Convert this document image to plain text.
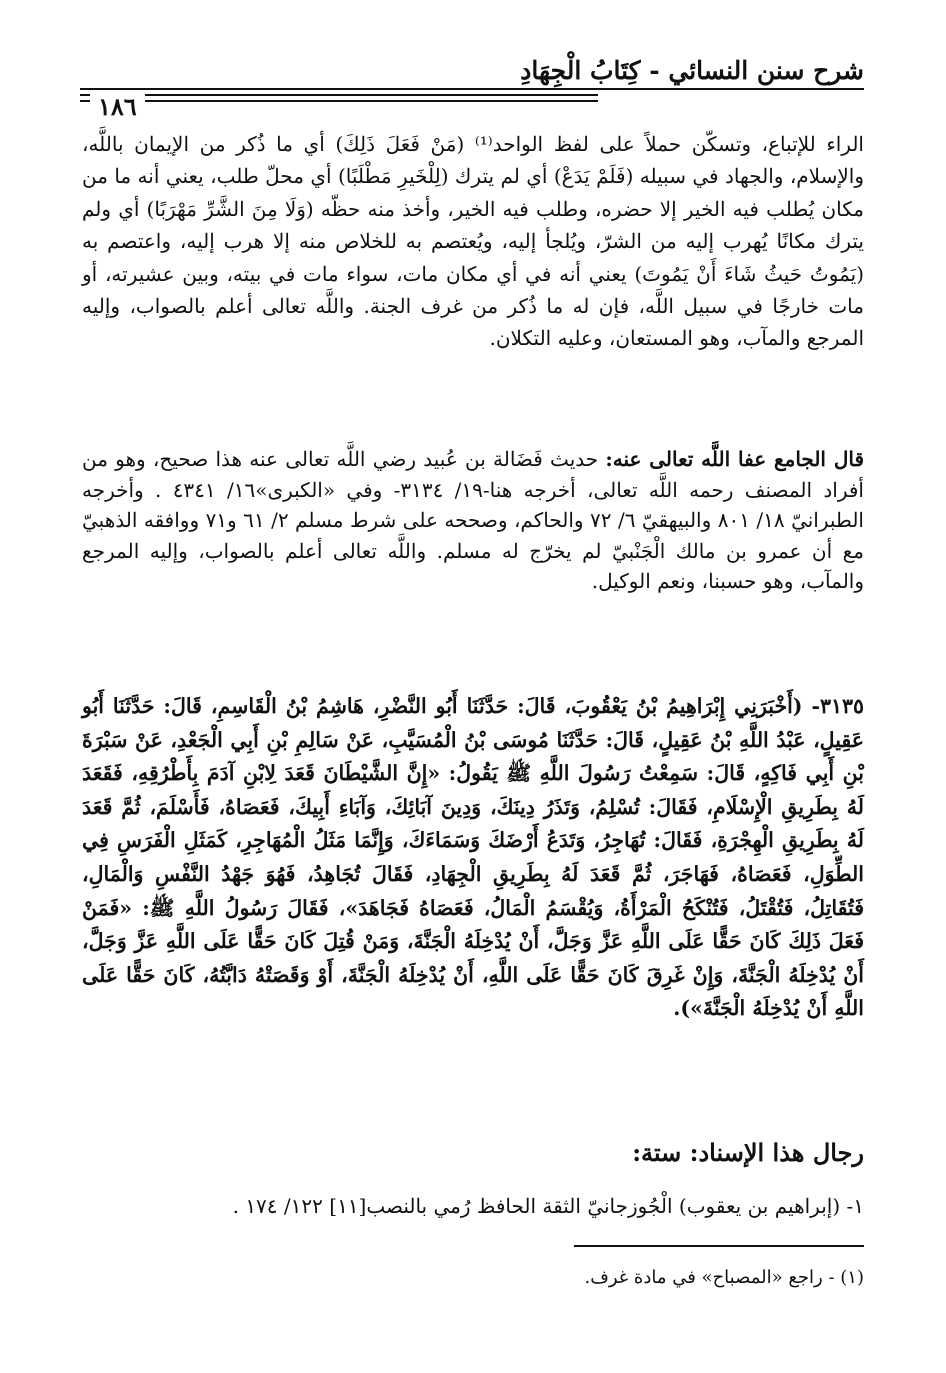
شرح سنن النسائي - كِتَابُ الْجِهَادِ
١٨٦
الراء للإتباع، وتسكّن حملاً على لفظ الواحد⁽¹⁾ (مَنْ فَعَلَ ذَلِكَ) أي ما ذُكر من الإيمان باللَّه، والإسلام، والجهاد في سبيله (فَلَمْ يَدَعْ) أي لم يترك (لِلْخَيرِ مَطْلَبًا) أي محلّ طلب، يعني أنه ما من مكان يُطلب فيه الخير إلا حضره، وطلب فيه الخير، وأخذ منه حظّه (وَلَا مِنَ الشَّرِّ مَهْرَبًا) أي ولم يترك مكانًا يُهرب إليه من الشرّ، ويُلجأ إليه، ويُعتصم به للخلاص منه إلا هرب إليه، واعتصم به (يَمُوتُ حَيثُ شَاءَ أَنْ يَمُوتَ) يعني أنه في أي مكان مات، سواء مات في بيته، وبين عشيرته، أو مات خارجًا في سبيل اللَّه، فإن له ما ذُكر من غرف الجنة. واللَّه تعالى أعلم بالصواب، وإليه المرجع والمآب، وهو المستعان، وعليه التكلان.
قال الجامع عفا اللَّه تعالى عنه: حديث فَضَالة بن عُبيد رضي اللَّه تعالى عنه هذا صحيح، وهو من أفراد المصنف رحمه اللَّه تعالى، أخرجه هنا-١٩/ ٣١٣٤- وفي «الكبرى»١٦/ ٤٣٤١ . وأخرجه الطبرانيّ ١٨/ ٨٠١ والبيهقيّ ٦/ ٧٢ والحاكم، وصححه على شرط مسلم ٢/ ٦١ و٧١ ووافقه الذهبيّ مع أن عمرو بن مالك الْجَنْبيّ لم يخرّج له مسلم. واللَّه تعالى أعلم بالصواب، وإليه المرجع والمآب، وهو حسبنا، ونعم الوكيل.
٣١٣٥- (أَخْبَرَنِي إِبْرَاهِيمُ بْنُ يَعْقُوبَ، قَالَ: حَدَّثَنَا أَبُو النَّضْرِ، هَاشِمُ بْنُ الْقَاسِمِ، قَالَ: حَدَّثَنَا أَبُو عَقِيلٍ، عَبْدُ اللَّهِ بْنُ عَقِيلٍ، قَالَ: حَدَّثَنَا مُوسَى بْنُ الْمُسَيَّبِ، عَنْ سَالِمِ بْنِ أَبِي الْجَعْدِ، عَنْ سَبْرَةَ بْنِ أَبِي فَاكِهٍ، قَالَ: سَمِعْتُ رَسُولَ اللَّهِ ﷺ يَقُولُ: «إِنَّ الشَّيْطَانَ قَعَدَ لِابْنِ آدَمَ بِأَطْرُقِهِ، فَقَعَدَ لَهُ بِطَرِيقِ الْإِسْلَامِ، فَقَالَ: تُسْلِمُ، وَتَذَرُ دِينَكَ، وَدِينَ آبَائِكَ، وَآبَاءِ أَبِيكَ، فَعَصَاهُ، فَأَسْلَمَ، ثُمَّ قَعَدَ لَهُ بِطَرِيقِ الْهِجْرَةِ، فَقَالَ: تُهَاجِرُ، وَتَدَعُ أَرْضَكَ وَسَمَاءَكَ، وَإِنَّمَا مَثَلُ الْمُهَاجِرِ، كَمَثَلِ الْفَرَسِ فِي الطِّوَلِ، فَعَصَاهُ، فَهَاجَرَ، ثُمَّ قَعَدَ لَهُ بِطَرِيقِ الْجِهَادِ، فَقَالَ تُجَاهِدُ، فَهُوَ جَهْدُ النَّفْسِ وَالْمَالِ، فَتُقَاتِلُ، فَتُقْتَلُ، فَتُنْكَحُ الْمَرْأَةُ، وَيُقْسَمُ الْمَالُ، فَعَصَاهُ فَجَاهَدَ»، فَقَالَ رَسُولُ اللَّهِ ﷺ: «فَمَنْ فَعَلَ ذَلِكَ كَانَ حَقًّا عَلَى اللَّهِ عَزَّ وَجَلَّ، أَنْ يُدْخِلَهُ الْجَنَّةَ، وَمَنْ قُتِلَ كَانَ حَقًّا عَلَى اللَّهِ عَزَّ وَجَلَّ، أَنْ يُدْخِلَهُ الْجَنَّةَ، وَإِنْ غَرِقَ كَانَ حَقًّا عَلَى اللَّهِ، أَنْ يُدْخِلَهُ الْجَنَّةَ، أَوْ وَقَصَتْهُ دَابَّتُهُ، كَانَ حَقًّا عَلَى اللَّهِ أَنْ يُدْخِلَهُ الْجَنَّةَ»).
رجال هذا الإسناد: ستة:
١- (إبراهيم بن يعقوب) الْجُوزجانيّ الثقة الحافظ رُمي بالنصب[١١] ١٢٢/ ١٧٤ .
(١) - راجع «المصباح» في مادة غرف.
